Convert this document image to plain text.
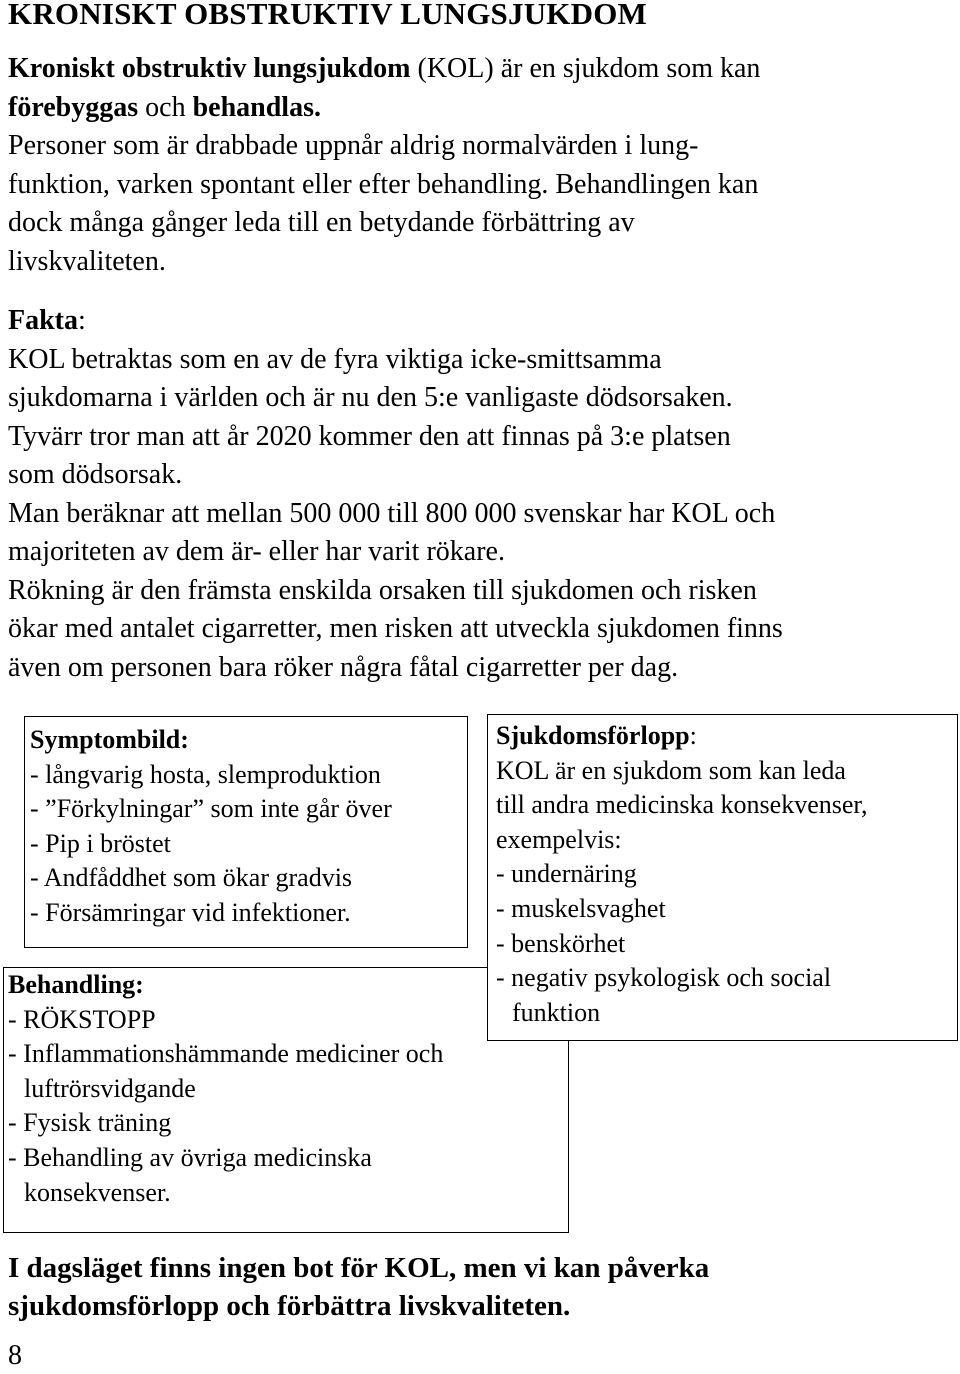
KRONISKT OBSTRUKTIV LUNGSJUKDOM
Kroniskt obstruktiv lungsjukdom (KOL) är en sjukdom som kan
förebyggas och behandlas.
Personer som är drabbade uppnår aldrig normalvärden i lung-
funktion, varken spontant eller efter behandling. Behandlingen kan
dock många gånger leda till en betydande förbättring av
livskvaliteten.
Fakta:
KOL betraktas som en av de fyra viktiga icke-smittsamma
sjukdomarna i världen och är nu den 5:e vanligaste dödsorsaken.
Tyvärr tror man att år 2020 kommer den att finnas på 3:e platsen
som dödsorsak.
Man beräknar att mellan 500 000 till 800 000 svenskar har KOL och
majoriteten av dem är- eller har varit rökare.
Rökning är den främsta enskilda orsaken till sjukdomen och risken
ökar med antalet cigarretter, men risken att utveckla sjukdomen finns
även om personen bara röker några fåtal cigarretter per dag.
Behandling:
- RÖKSTOPP
- Inflammationshämmande mediciner och
luftrörsvidgande
- Fysisk träning
- Behandling av övriga medicinska
konsekvenser.
Symptombild:
- långvarig hosta, slemproduktion
- ”Förkylningar” som inte går över
- Pip i bröstet
- Andfåddhet som ökar gradvis
- Försämringar vid infektioner.
Sjukdomsförlopp:
KOL är en sjukdom som kan leda
till andra medicinska konsekvenser,
exempelvis:
- undernäring
- muskelsvaghet
- benskörhet
- negativ psykologisk och social
funktion
I dagsläget finns ingen bot för KOL, men vi kan påverka
sjukdomsförlopp och förbättra livskvaliteten.
8
